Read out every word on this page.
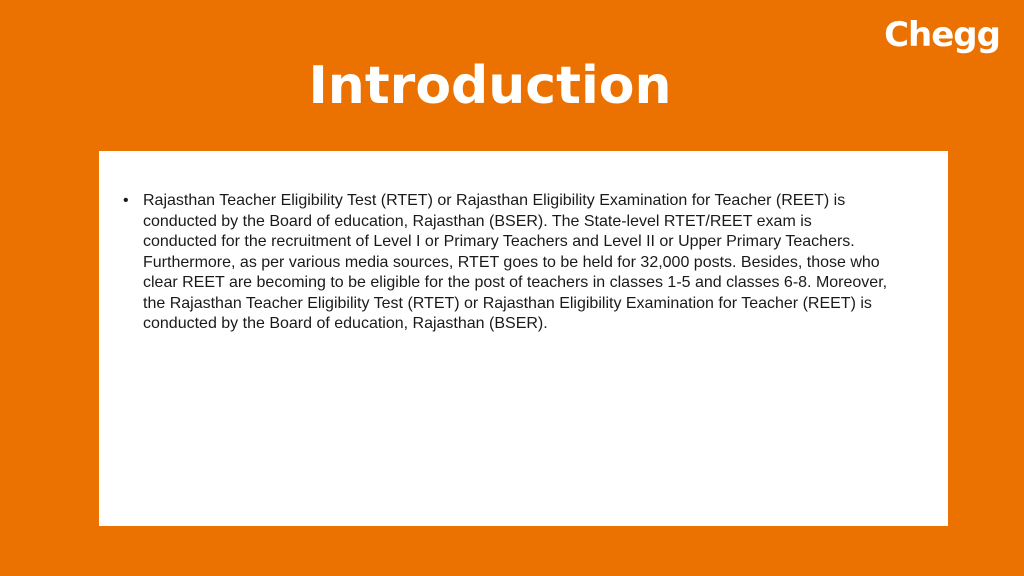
Chegg
Introduction
• Rajasthan Teacher Eligibility Test (RTET) or Rajasthan Eligibility Examination for Teacher (REET) is conducted by the Board of education, Rajasthan (BSER). The State-level RTET/REET exam is conducted for the recruitment of Level I or Primary Teachers and Level II or Upper Primary Teachers. Furthermore, as per various media sources, RTET goes to be held for 32,000 posts. Besides, those who clear REET are becoming to be eligible for the post of teachers in classes 1-5 and classes 6-8. Moreover, the Rajasthan Teacher Eligibility Test (RTET) or Rajasthan Eligibility Examination for Teacher (REET) is conducted by the Board of education, Rajasthan (BSER).
